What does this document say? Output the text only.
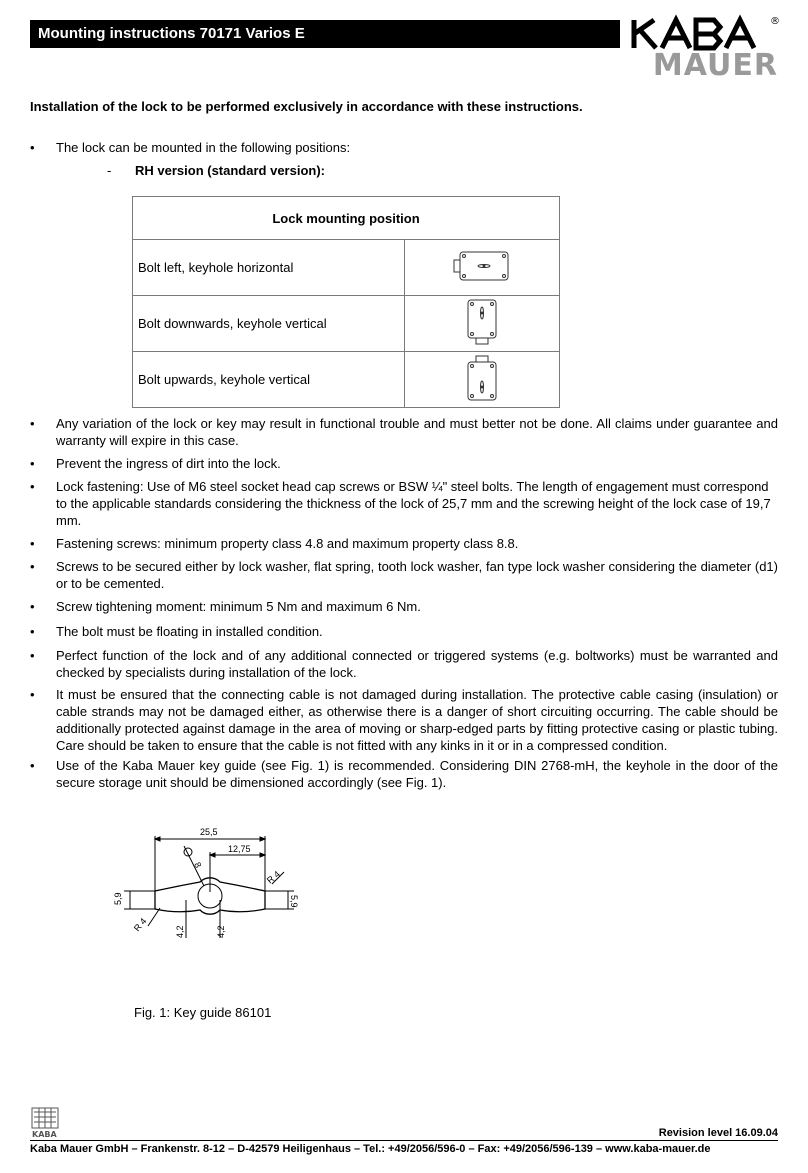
Mounting instructions 70171 Varios E
®
MAUER
Installation of the lock to be performed exclusively in accordance with these instructions.
• The lock can be mounted in the following positions:
- RH version (standard version):
Lock mounting position	
Bolt left, keyhole horizontal	
Bolt downwards, keyhole vertical	
Bolt upwards, keyhole vertical	
• Any variation of the lock or key may result in functional trouble and must better not be done. All claims under guarantee and warranty will expire in this case.
• Prevent the ingress of dirt into the lock.
• Lock fastening: Use of M6 steel socket head cap screws or BSW ¼" steel bolts. The length of engagement must correspond to the applicable standards considering the thickness of the lock of 25,7 mm and the screwing height of the lock case of 19,7 mm.
• Fastening screws: minimum property class 4.8 and maximum property class 8.8.
• Screws to be secured either by lock washer, flat spring, tooth lock washer, fan type lock washer considering the diameter (d1) or to be cemented.
• Screw tightening moment: minimum 5 Nm and maximum 6 Nm.
• The bolt must be floating in installed condition.
• Perfect function of the lock and of any additional connected or triggered systems (e.g. boltworks) must be warranted and checked by specialists during installation of the lock.
• It must be ensured that the connecting cable is not damaged during installation. The protective cable casing (insulation) or cable strands may not be damaged either, as otherwise there is a danger of short circuiting occurring. The cable should be additionally protected against damage in the area of moving or sharp-edged parts by fitting protective casing or plastic tubing. Care should be taken to ensure that the cable is not fitted with any kinks in it or in a compressed condition.
• Use of the Kaba Mauer key guide (see Fig. 1) is recommended. Considering DIN 2768-mH, the keyhole in the door of the secure storage unit should be dimensioned accordingly (see Fig. 1).
25,5
12,75
8
5,9	5,9
R 4
R 4
4,2	4,2
Fig. 1: Key guide 86101
KABA	Revision level 16.09.04
Kaba Mauer GmbH – Frankenstr. 8-12 – D-42579 Heiligenhaus – Tel.: +49/2056/596-0 – Fax: +49/2056/596-139 – www.kaba-mauer.de
